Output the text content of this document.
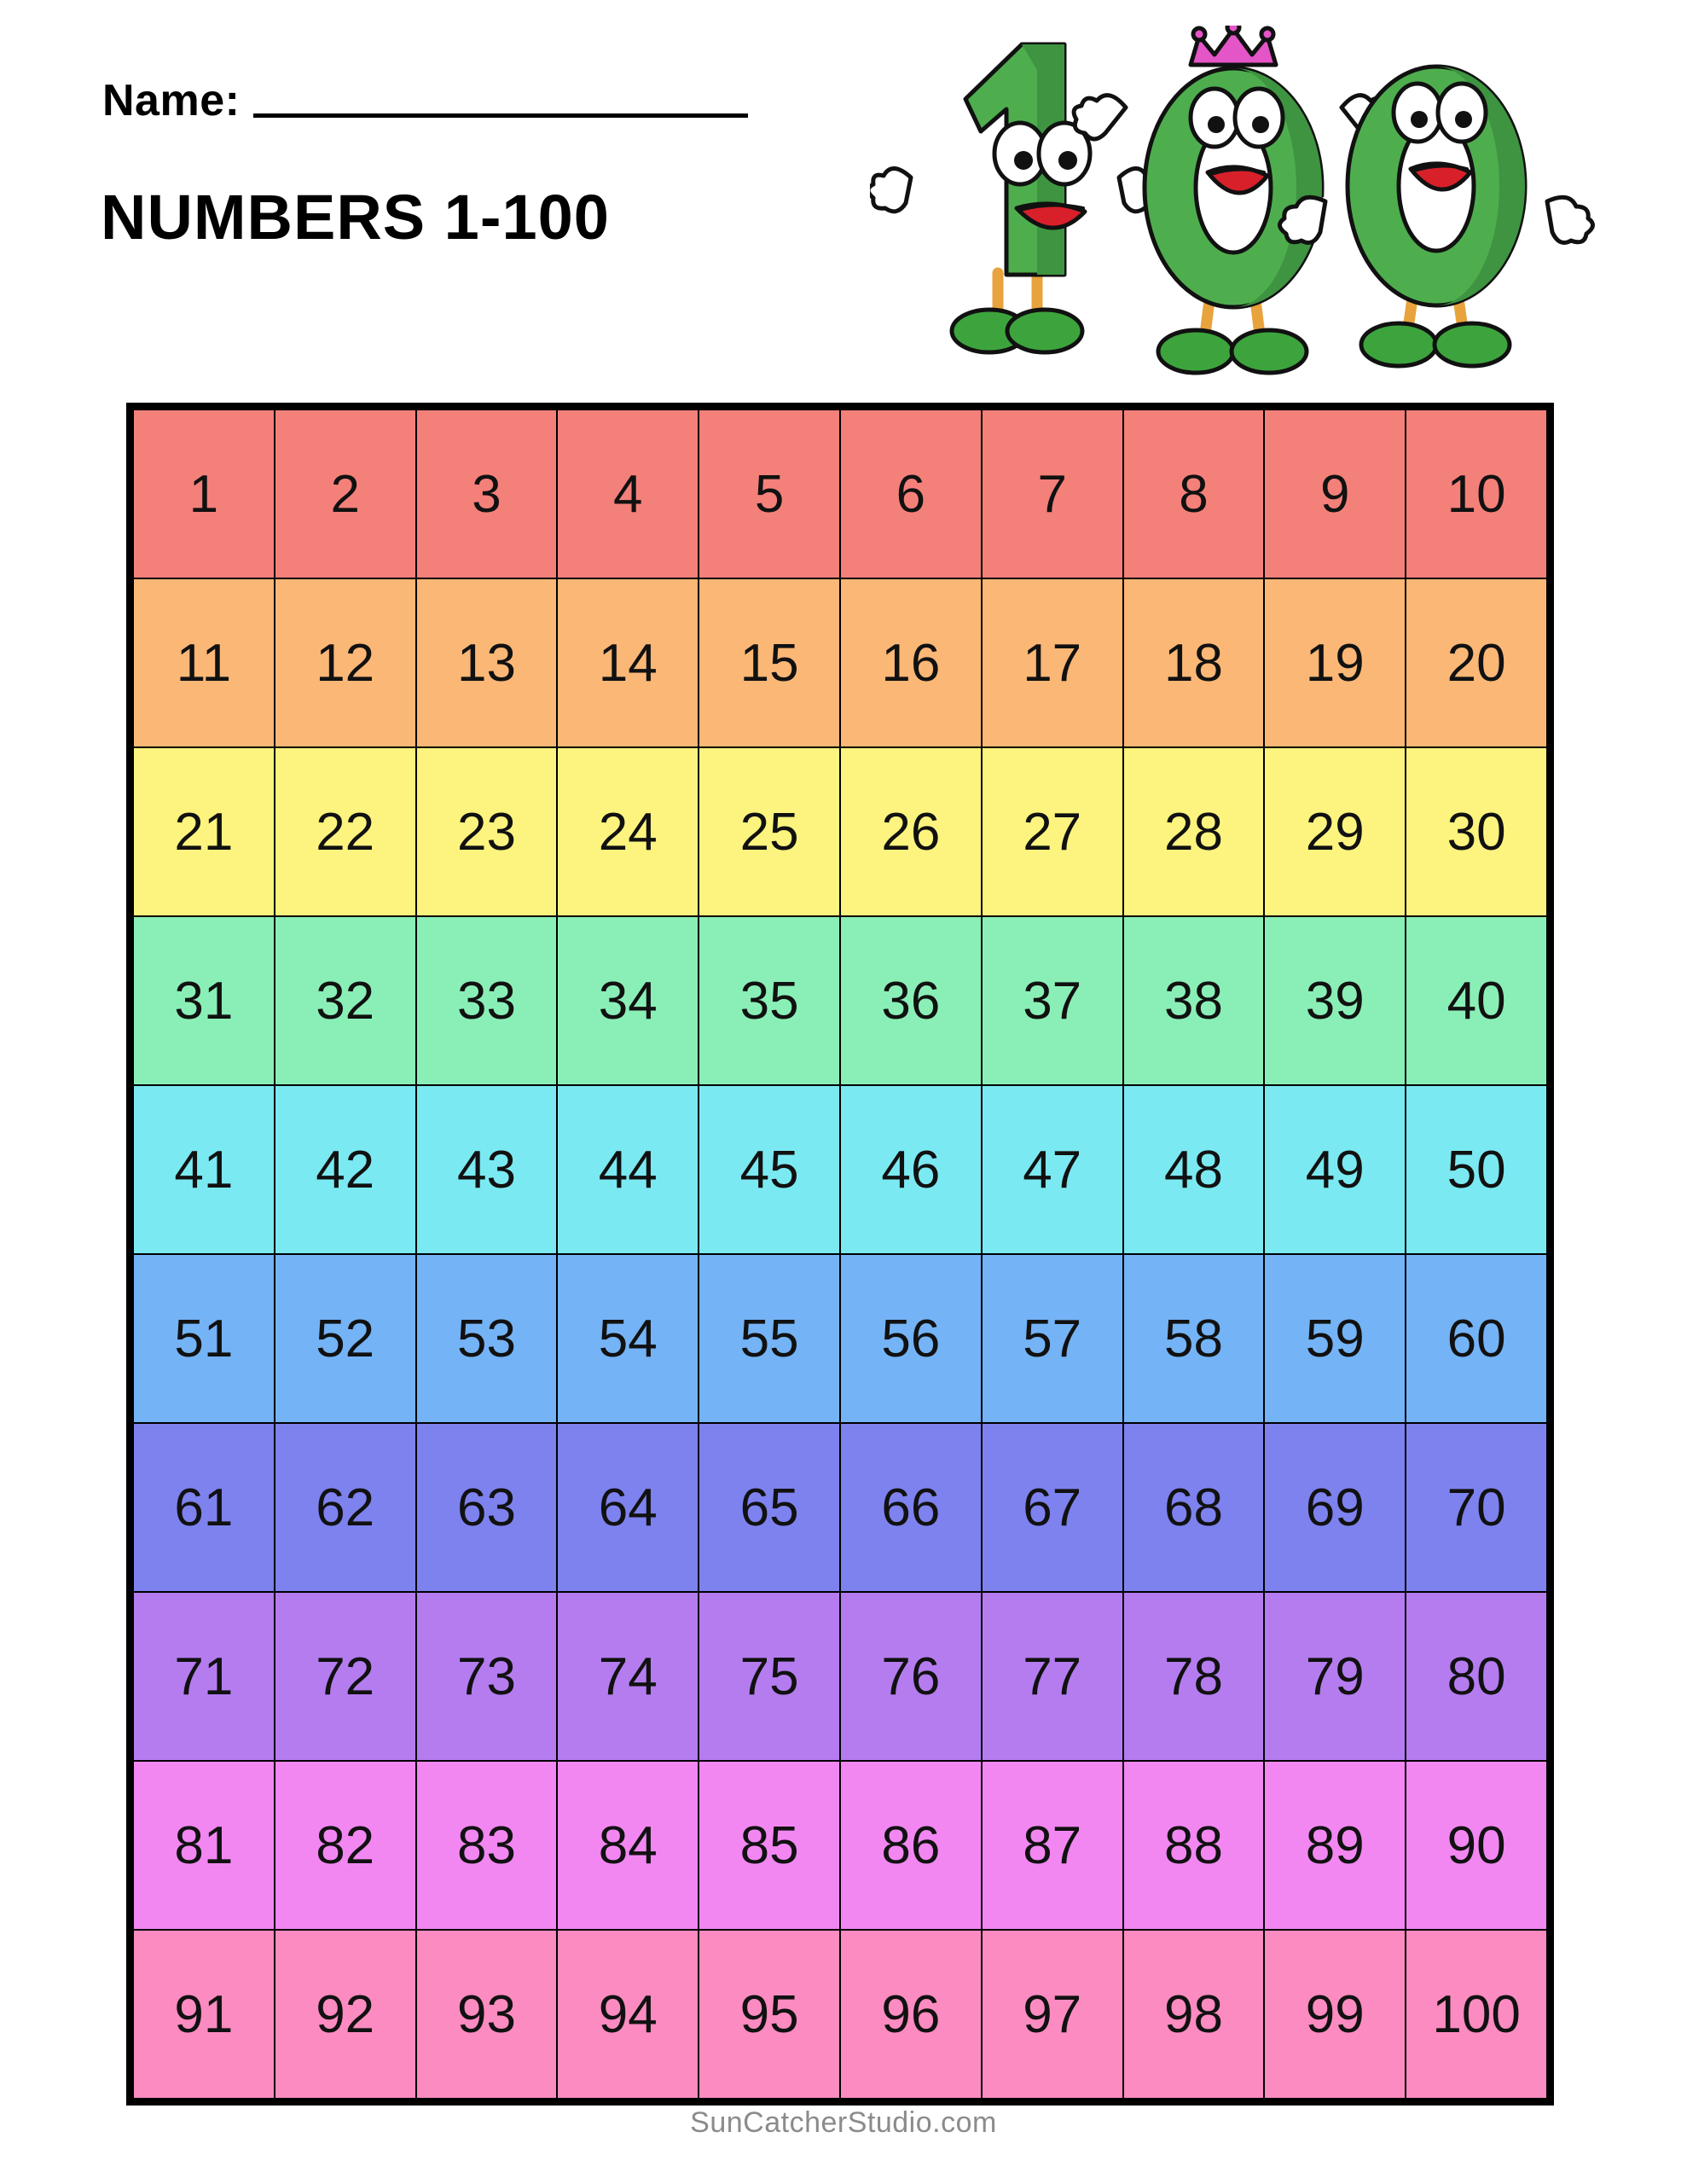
Name:
NUMBERS 1-100
1	2	3	4	5	6	7	8	9	10
11	12	13	14	15	16	17	18	19	20
21	22	23	24	25	26	27	28	29	30
31	32	33	34	35	36	37	38	39	40
41	42	43	44	45	46	47	48	49	50
51	52	53	54	55	56	57	58	59	60
61	62	63	64	65	66	67	68	69	70
71	72	73	74	75	76	77	78	79	80
81	82	83	84	85	86	87	88	89	90
91	92	93	94	95	96	97	98	99	100
SunCatcherStudio.com
